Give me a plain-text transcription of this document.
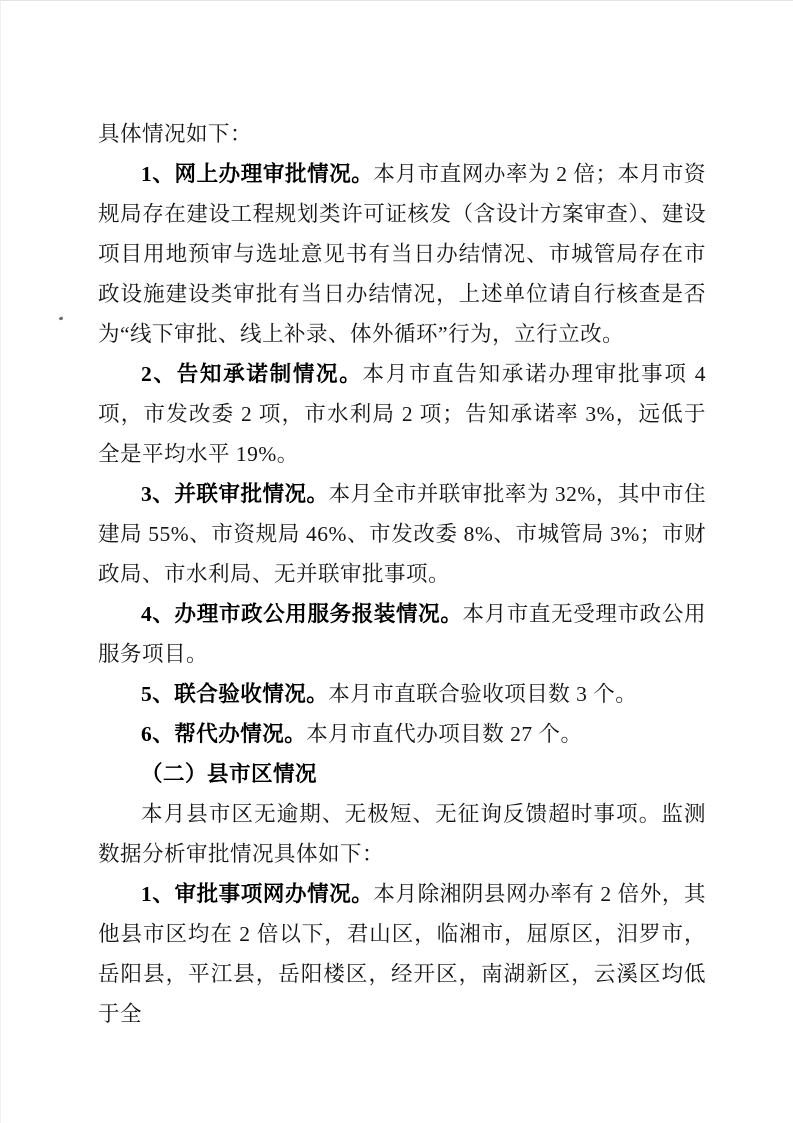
具体情况如下：

1、网上办理审批情况。本月市直网办率为 2 倍；本月市资规局存在建设工程规划类许可证核发（含设计方案审查）、建设项目用地预审与选址意见书有当日办结情况、市城管局存在市政设施建设类审批有当日办结情况，上述单位请自行核查是否为“线下审批、线上补录、体外循环”行为，立行立改。

2、告知承诺制情况。本月市直告知承诺办理审批事项 4 项，市发改委 2 项，市水利局 2 项；告知承诺率 3%，远低于全是平均水平 19%。

3、并联审批情况。本月全市并联审批率为 32%，其中市住建局 55%、市资规局 46%、市发改委 8%、市城管局 3%；市财政局、市水利局、无并联审批事项。

4、办理市政公用服务报装情况。本月市直无受理市政公用服务项目。

5、联合验收情况。本月市直联合验收项目数 3 个。

6、帮代办情况。本月市直代办项目数 27 个。

（二）县市区情况

本月县市区无逾期、无极短、无征询反馈超时事项。监测数据分析审批情况具体如下：

1、审批事项网办情况。本月除湘阴县网办率有 2 倍外，其他县市区均在 2 倍以下，君山区，临湘市，屈原区，汨罗市，岳阳县，平江县，岳阳楼区，经开区，南湖新区，云溪区均低于全
